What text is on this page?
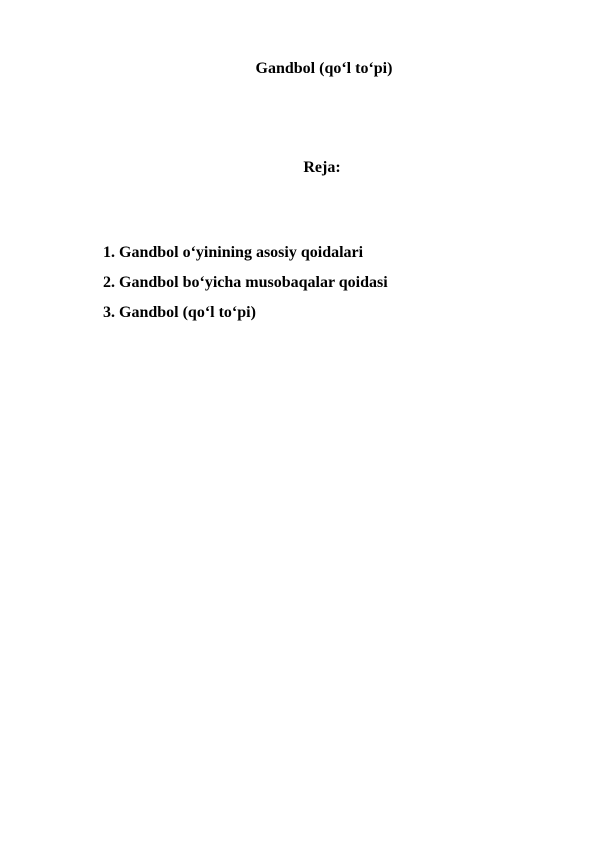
Gandbol (qo‘l to‘pi)
Reja:
1. Gandbol o‘yinining asosiy qoidalari
2. Gandbol bo‘yicha musobaqalar qoidasi
3. Gandbol (qo‘l to‘pi)
